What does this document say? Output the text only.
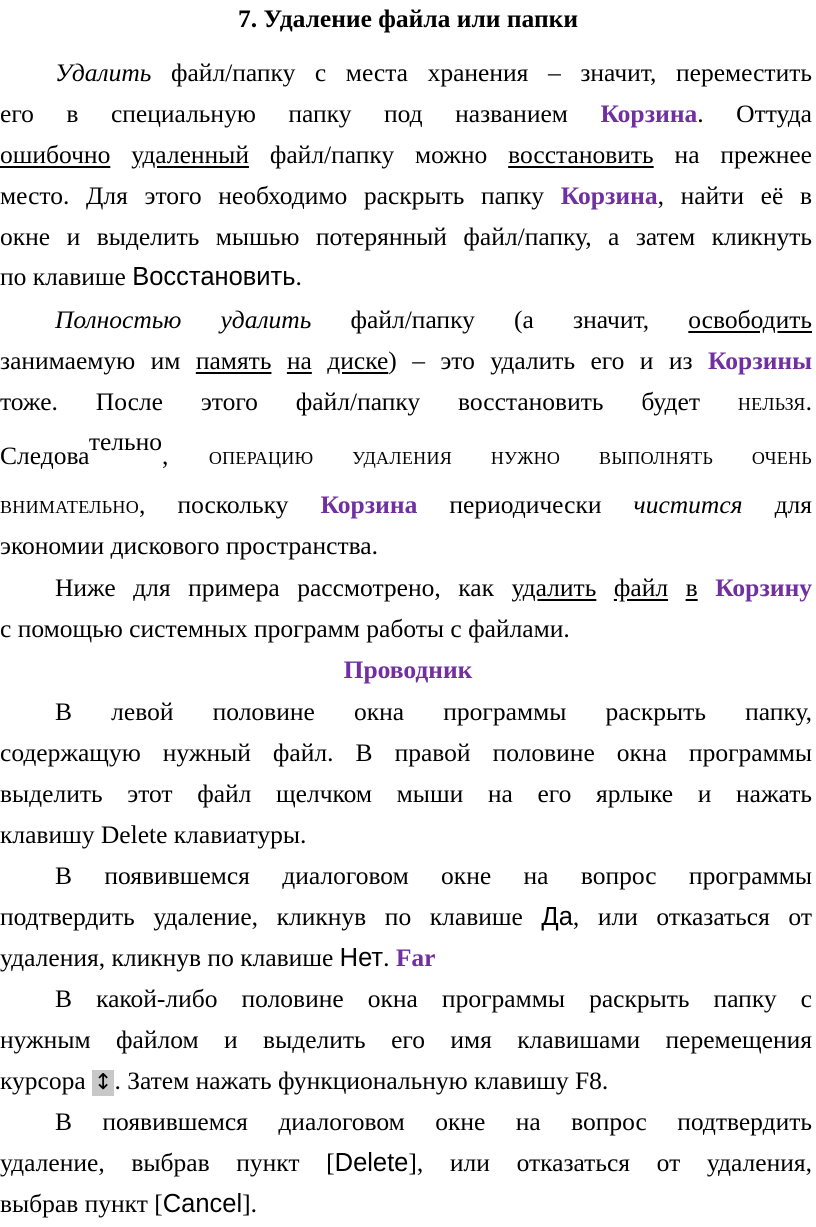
7. Удаление файла или папки
Удалить файл/папку с места хранения – значит, переместить
его в специальную папку под названием Корзина. Оттуда
ошибочно удаленный файл/папку можно восстановить на прежнее
место. Для этого необходимо раскрыть папку Корзина, найти её в
окне и выделить мышью потерянный файл/папку, а затем кликнуть
по клавише Восстановить.
Полностью удалить файл/папку (а значит, освободить
занимаемую им память на диске) – это удалить его и из Корзины
тоже. После этого файл/папку восстановить будет НЕЛЬЗЯ.
Следовательно, ОПЕРАЦИЮ УДАЛЕНИЯ НУЖНО ВЫПОЛНЯТЬ ОЧЕНЬ
ВНИМАТЕЛЬНО, поскольку Корзина периодически чистится для
экономии дискового пространства.
Ниже для примера рассмотрено, как удалить файл в Корзину
с помощью системных программ работы с файлами.
Проводник
В левой половине окна программы раскрыть папку,
содержащую нужный файл. В правой половине окна программы
выделить этот файл щелчком мыши на его ярлыке и нажать
клавишу Delete клавиатуры.
В появившемся диалоговом окне на вопрос программы
подтвердить удаление, кликнув по клавише Да, или отказаться от
удаления, кликнув по клавише Нет. Far
В какой-либо половине окна программы раскрыть папку с
нужным файлом и выделить его имя клавишами перемещения
курсора ↕. Затем нажать функциональную клавишу F8.
В появившемся диалоговом окне на вопрос подтвердить
удаление, выбрав пункт [Delete], или отказаться от удаления,
выбрав пункт [Cancel].
